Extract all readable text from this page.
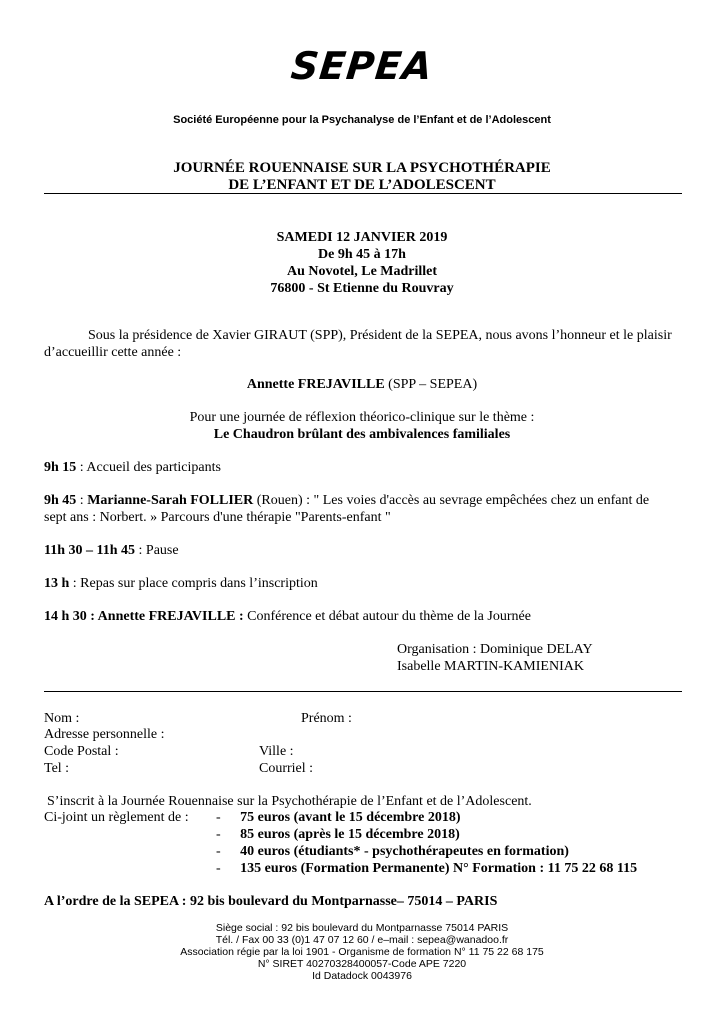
SEPEA
Société Européenne pour la Psychanalyse de l’Enfant et de l’Adolescent
JOURNÉE ROUENNAISE SUR LA PSYCHOTHÉRAPIE
DE L’ENFANT ET DE L’ADOLESCENT
SAMEDI 12 JANVIER 2019
De 9h 45 à 17h
Au Novotel, Le Madrillet
76800 - St Etienne du Rouvray
Sous la présidence de Xavier GIRAUT (SPP), Président de la SEPEA, nous avons l’honneur et le plaisir
d’accueillir cette année :
Annette FREJAVILLE (SPP – SEPEA)
Pour une journée de réflexion théorico-clinique sur le thème :
Le Chaudron brûlant des ambivalences familiales
9h 15 : Accueil des participants
9h 45 : Marianne-Sarah FOLLIER (Rouen) : " Les voies d'accès au sevrage empêchées chez un enfant de
sept ans : Norbert. » Parcours d'une thérapie "Parents-enfant "
11h 30 – 11h 45 : Pause
13 h : Repas sur place compris dans l’inscription
14 h 30 : Annette FREJAVILLE : Conférence et débat autour du thème de la Journée
Organisation : Dominique DELAY
Isabelle MARTIN-KAMIENIAK
Nom :	Prénom :
Adresse personnelle :
Code Postal :	Ville :
Tel :	Courriel :
S’inscrit à la Journée Rouennaise sur la Psychothérapie de l’Enfant et de l’Adolescent.
Ci-joint un règlement de : - 75 euros (avant le 15 décembre 2018)
- 85 euros (après le 15 décembre 2018)
- 40 euros (étudiants* - psychothérapeutes en formation)
- 135 euros (Formation Permanente) N° Formation : 11 75 22 68 115
A l’ordre de la SEPEA : 92 bis boulevard du Montparnasse– 75014 – PARIS
Siège social : 92 bis boulevard du Montparnasse 75014 PARIS
Tél. / Fax 00 33 (0)1 47 07 12 60 / e–mail : sepea@wanadoo.fr
Association régie par la loi 1901 - Organisme de formation N° 11 75 22 68 175
N° SIRET 40270328400057-Code APE 7220
Id Datadock 0043976
